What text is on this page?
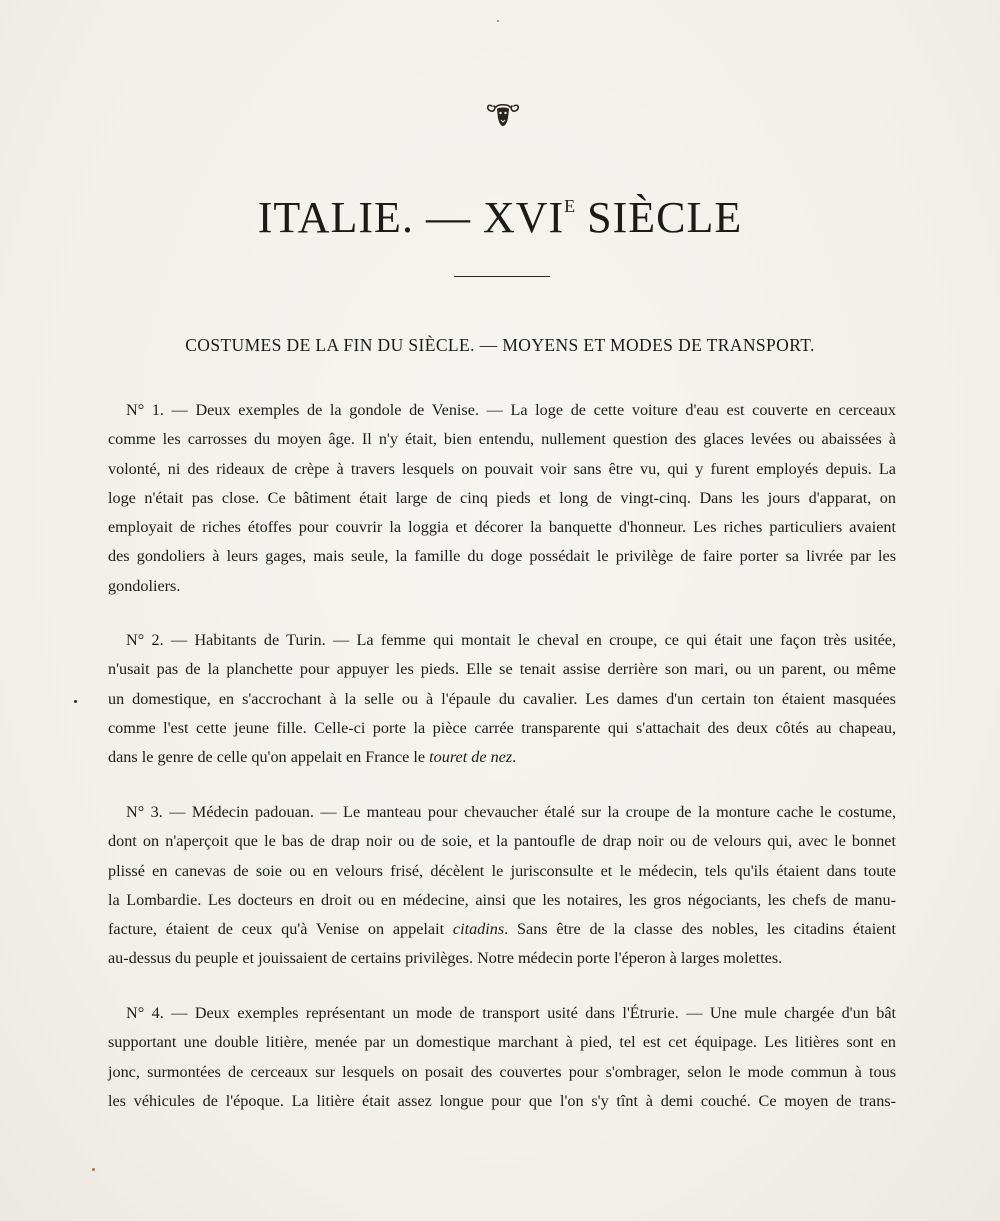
ITALIE. — $XVI^E$ SIÈCLE
COSTUMES DE LA FIN DU SIÈCLE. — MOYENS ET MODES DE TRANSPORT.
N° 1. — Deux exemples de la gondole de Venise. — La loge de cette voiture d'eau est couverte en cerceaux
comme les carrosses du moyen âge. Il n'y était, bien entendu, nullement question des glaces levées ou abaissées à
volonté, ni des rideaux de crèpe à travers lesquels on pouvait voir sans être vu, qui y furent employés depuis. La
loge n'était pas close. Ce bâtiment était large de cinq pieds et long de vingt-cinq. Dans les jours d'apparat, on
employait de riches étoffes pour couvrir la loggia et décorer la banquette d'honneur. Les riches particuliers avaient
des gondoliers à leurs gages, mais seule, la famille du doge possédait le privilège de faire porter sa livrée par les
gondoliers.
N° 2. — Habitants de Turin. — La femme qui montait le cheval en croupe, ce qui était une façon très usitée,
n'usait pas de la planchette pour appuyer les pieds. Elle se tenait assise derrière son mari, ou un parent, ou même
un domestique, en s'accrochant à la selle ou à l'épaule du cavalier. Les dames d'un certain ton étaient masquées
comme l'est cette jeune fille. Celle-ci porte la pièce carrée transparente qui s'attachait des deux côtés au chapeau,
dans le genre de celle qu'on appelait en France le touret de nez.
N° 3. — Médecin padouan. — Le manteau pour chevaucher étalé sur la croupe de la monture cache le costume,
dont on n'aperçoit que le bas de drap noir ou de soie, et la pantoufle de drap noir ou de velours qui, avec le bonnet
plissé en canevas de soie ou en velours frisé, décèlent le jurisconsulte et le médecin, tels qu'ils étaient dans toute
la Lombardie. Les docteurs en droit ou en médecine, ainsi que les notaires, les gros négociants, les chefs de manu-
facture, étaient de ceux qu'à Venise on appelait citadins. Sans être de la classe des nobles, les citadins étaient
au-dessus du peuple et jouissaient de certains privilèges. Notre médecin porte l'éperon à larges molettes.
N° 4. — Deux exemples représentant un mode de transport usité dans l'Étrurie. — Une mule chargée d'un bât
supportant une double litière, menée par un domestique marchant à pied, tel est cet équipage. Les litières sont en
jonc, surmontées de cerceaux sur lesquels on posait des couvertes pour s'ombrager, selon le mode commun à tous
les véhicules de l'époque. La litière était assez longue pour que l'on s'y tînt à demi couché. Ce moyen de trans-
